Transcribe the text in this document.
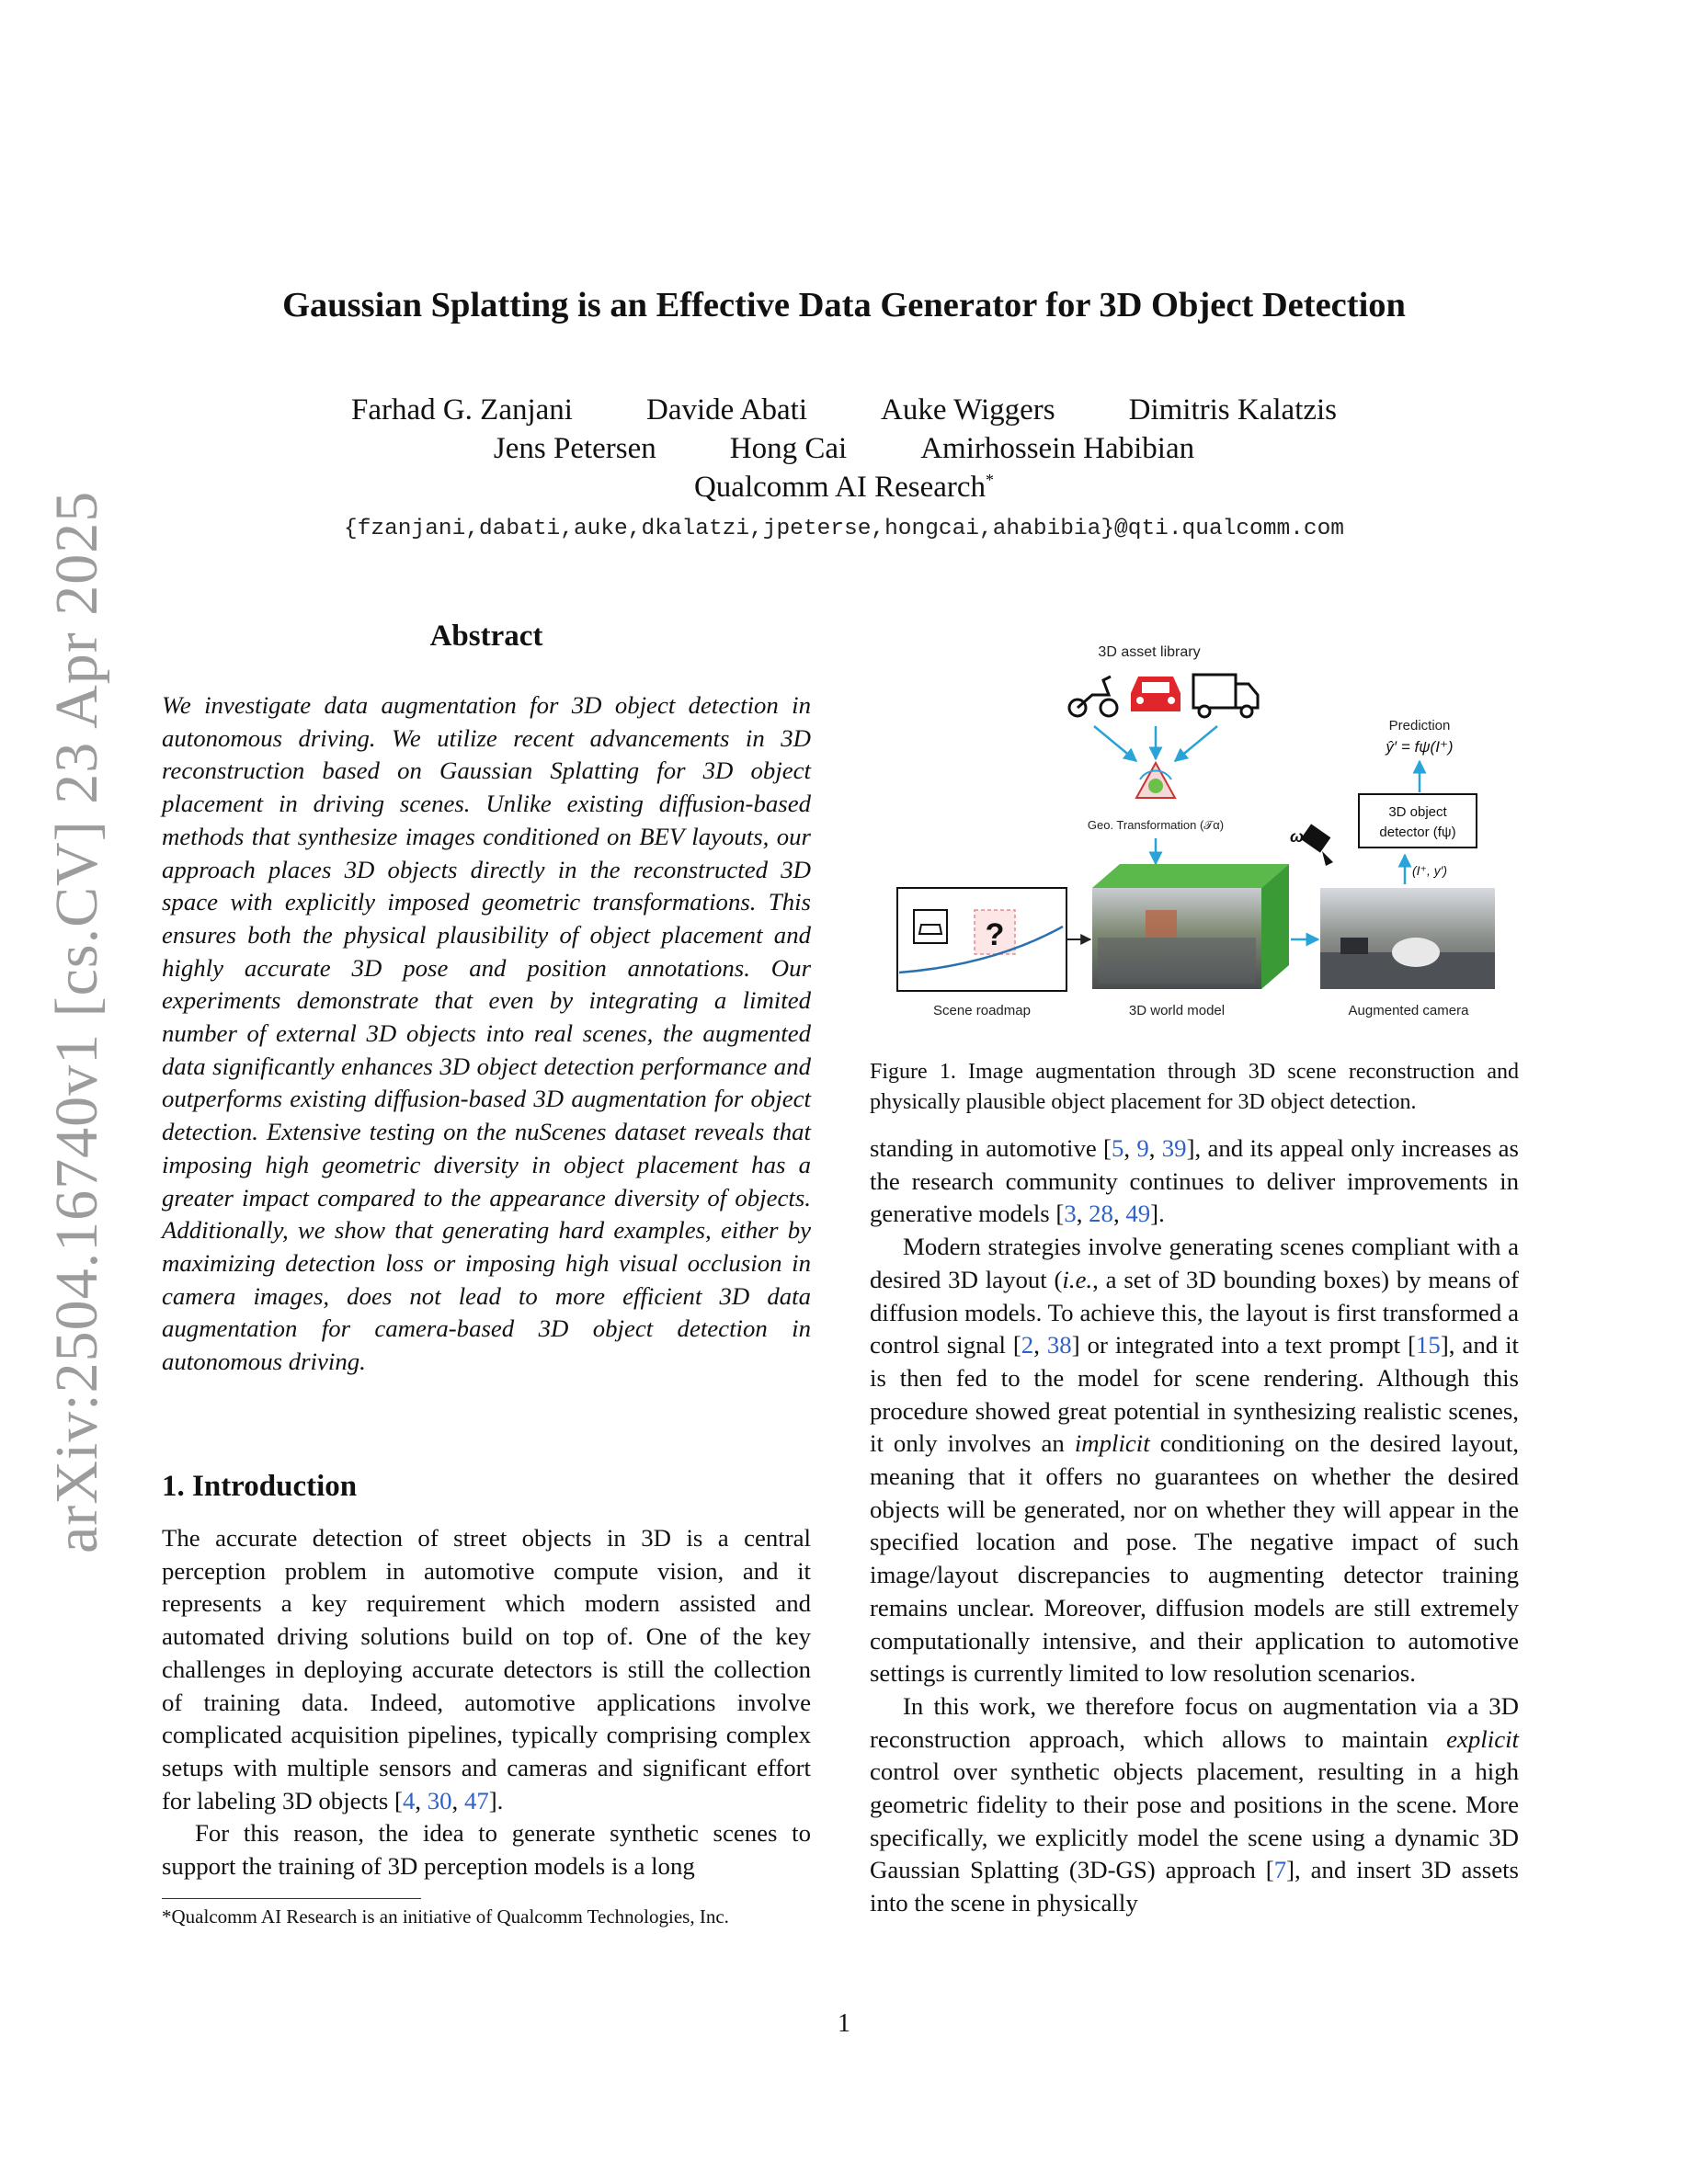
arXiv:2504.16740v1 [cs.CV] 23 Apr 2025
Gaussian Splatting is an Effective Data Generator for 3D Object Detection
Farhad G. Zanjani Davide Abati Auke Wiggers Dimitris Kalatzis
Jens Petersen Hong Cai Amirhossein Habibian
Qualcomm AI Research*
{fzanjani,dabati,auke,dkalatzi,jpeterse,hongcai,ahabibia}@qti.qualcomm.com
Abstract

We investigate data augmentation for 3D object detection in autonomous driving. We utilize recent advancements in 3D reconstruction based on Gaussian Splatting for 3D object placement in driving scenes. Unlike existing diffusion-based methods that synthesize images conditioned on BEV layouts, our approach places 3D objects directly in the reconstructed 3D space with explicitly imposed geometric transformations. This ensures both the physical plausibility of object placement and highly accurate 3D pose and position annotations. Our experiments demonstrate that even by integrating a limited number of external 3D objects into real scenes, the augmented data significantly enhances 3D object detection performance and outperforms existing diffusion-based 3D augmentation for object detection. Extensive testing on the nuScenes dataset reveals that imposing high geometric diversity in object placement has a greater impact compared to the appearance diversity of objects. Additionally, we show that generating hard examples, either by maximizing detection loss or imposing high visual occlusion in camera images, does not lead to more efficient 3D data augmentation for camera-based 3D object detection in autonomous driving.

1. Introduction

The accurate detection of street objects in 3D is a central perception problem in automotive compute vision, and it represents a key requirement which modern assisted and automated driving solutions build on top of. One of the key challenges in deploying accurate detectors is still the collection of training data. Indeed, automotive applications involve complicated acquisition pipelines, typically comprising complex setups with multiple sensors and cameras and significant effort for labeling 3D objects [4, 30, 47].

For this reason, the idea to generate synthetic scenes to support the training of 3D perception models is a long

*Qualcomm AI Research is an initiative of Qualcomm Technologies, Inc.
3D asset library
Geo. Transformation (𝒯α)
ω
Prediction
ŷ′ = fψ(I⁺)
3D object
detector (fψ)
(I⁺, y′)
?
Scene roadmap	3D world model	Augmented camera
Figure 1. Image augmentation through 3D scene reconstruction and physically plausible object placement for 3D object detection.

standing in automotive [5, 9, 39], and its appeal only increases as the research community continues to deliver improvements in generative models [3, 28, 49].

Modern strategies involve generating scenes compliant with a desired 3D layout (i.e., a set of 3D bounding boxes) by means of diffusion models. To achieve this, the layout is first transformed a control signal [2, 38] or integrated into a text prompt [15], and it is then fed to the model for scene rendering. Although this procedure showed great potential in synthesizing realistic scenes, it only involves an implicit conditioning on the desired layout, meaning that it offers no guarantees on whether the desired objects will be generated, nor on whether they will appear in the specified location and pose. The negative impact of such image/layout discrepancies to augmenting detector training remains unclear. Moreover, diffusion models are still extremely computationally intensive, and their application to automotive settings is currently limited to low resolution scenarios.

In this work, we therefore focus on augmentation via a 3D reconstruction approach, which allows to maintain explicit control over synthetic objects placement, resulting in a high geometric fidelity to their pose and positions in the scene. More specifically, we explicitly model the scene using a dynamic 3D Gaussian Splatting (3D-GS) approach [7], and insert 3D assets into the scene in physically

1
